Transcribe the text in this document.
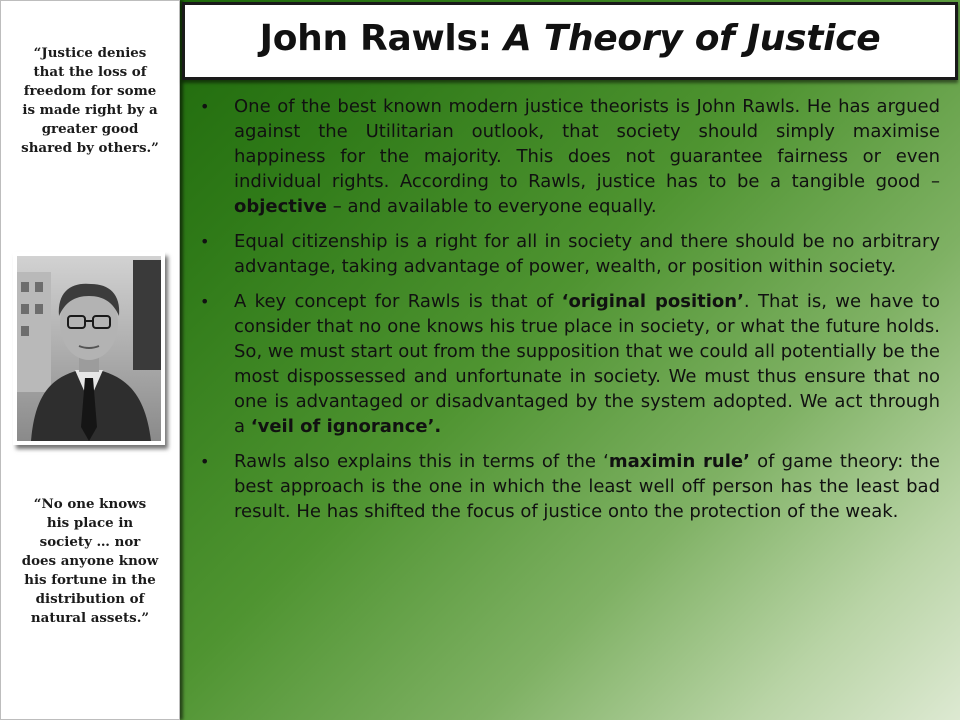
“Justice denies that the loss of freedom for some is made right by a greater good shared by others.”
“No one knows his place in society … nor does anyone know his fortune in the distribution of natural assets.”
John Rawls: A Theory of Justice
• One of the best known modern justice theorists is John Rawls. He has argued against the Utilitarian outlook, that society should simply maximise happiness for the majority. This does not guarantee fairness or even individual rights. According to Rawls, justice has to be a tangible good – objective – and available to everyone equally.
• Equal citizenship is a right for all in society and there should be no arbitrary advantage, taking advantage of power, wealth, or position within society.
• A key concept for Rawls is that of ‘original position’. That is, we have to consider that no one knows his true place in society, or what the future holds. So, we must start out from the supposition that we could all potentially be the most dispossessed and unfortunate in society. We must thus ensure that no one is advantaged or disadvantaged by the system adopted. We act through a ‘veil of ignorance’.
• Rawls also explains this in terms of the ‘maximin rule’ of game theory: the best approach is the one in which the least well off person has the least bad result. He has shifted the focus of justice onto the protection of the weak.
